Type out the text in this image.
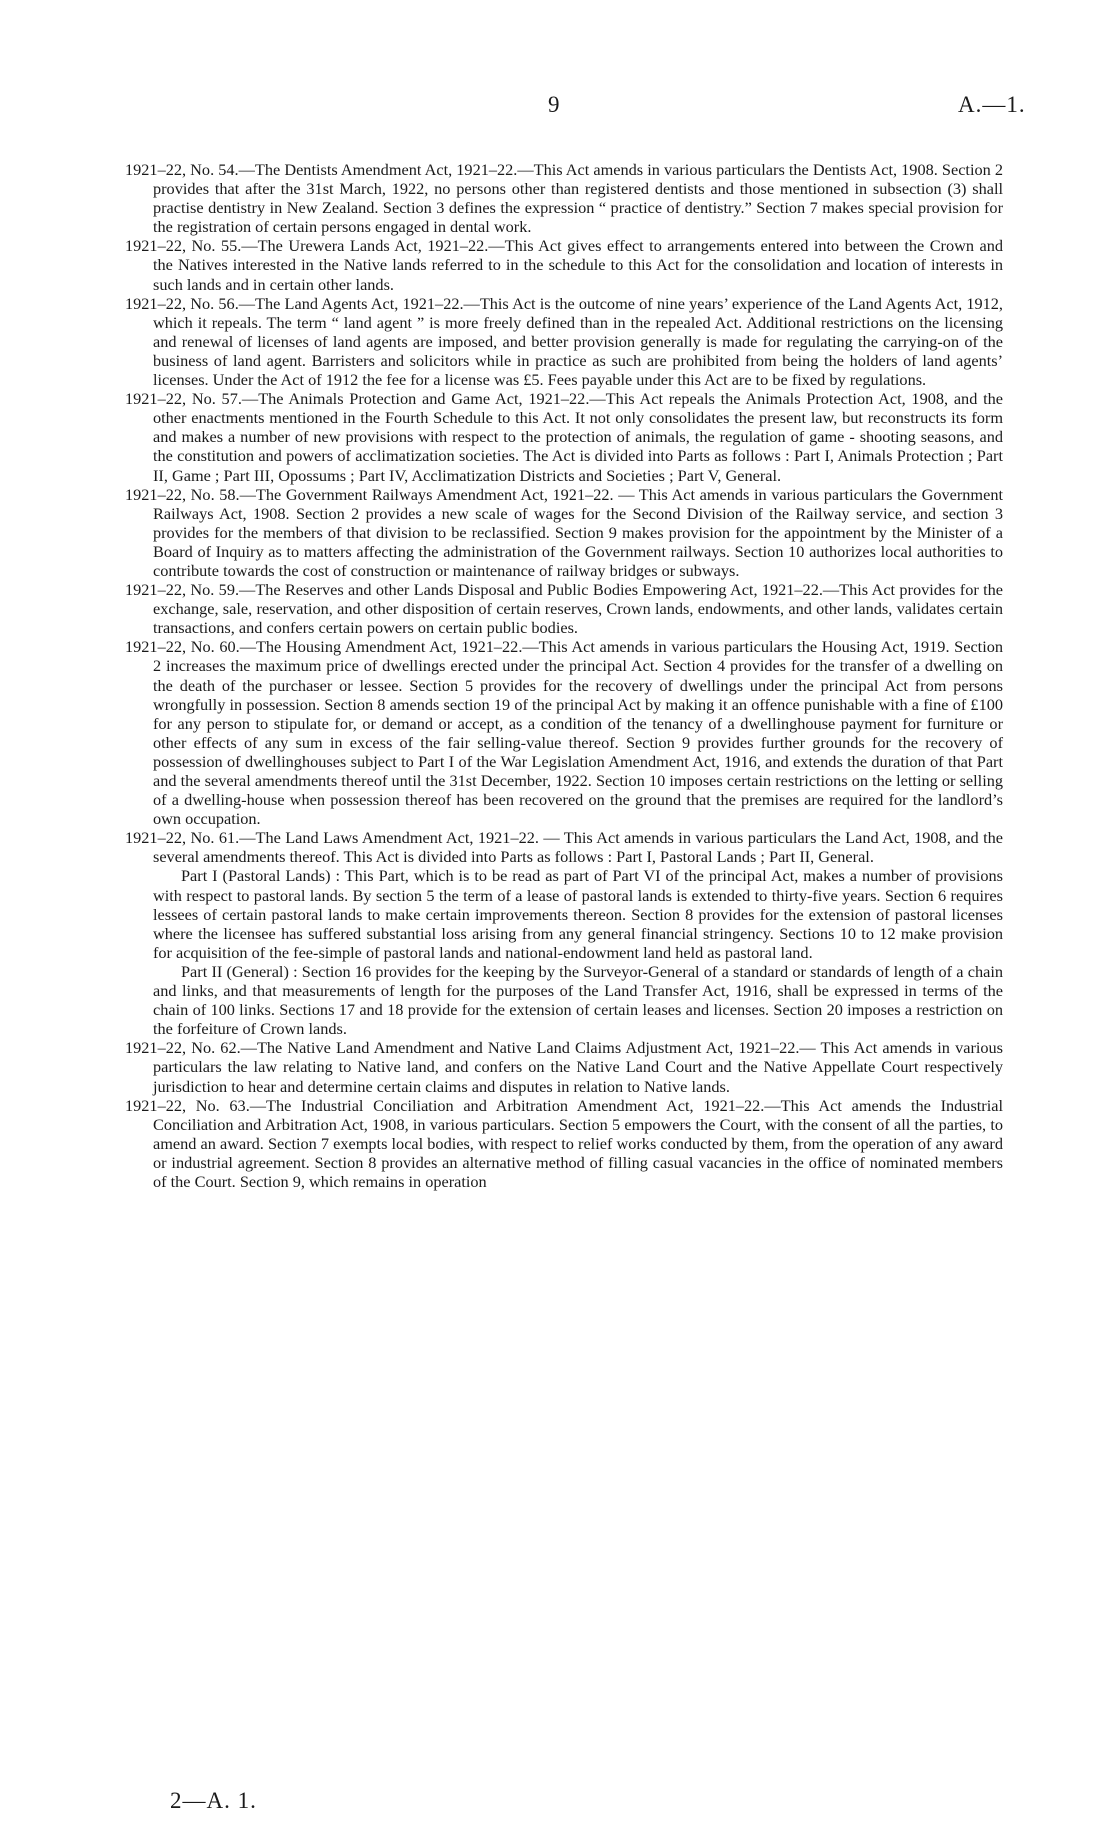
9	A.—1.
1921–22, No. 54.—The Dentists Amendment Act, 1921–22.—This Act amends in various particulars the Dentists Act, 1908. Section 2 provides that after the 31st March, 1922, no persons other than registered dentists and those mentioned in subsection (3) shall practise dentistry in New Zealand. Section 3 defines the expression “ practice of dentistry.” Section 7 makes special provision for the registration of certain persons engaged in dental work.
1921–22, No. 55.—The Urewera Lands Act, 1921–22.—This Act gives effect to arrangements entered into between the Crown and the Natives interested in the Native lands referred to in the schedule to this Act for the consolidation and location of interests in such lands and in certain other lands.
1921–22, No. 56.—The Land Agents Act, 1921–22.—This Act is the outcome of nine years’ experience of the Land Agents Act, 1912, which it repeals. The term “ land agent ” is more freely defined than in the repealed Act. Additional restrictions on the licensing and renewal of licenses of land agents are imposed, and better provision generally is made for regulating the carrying-on of the business of land agent. Barristers and solicitors while in practice as such are prohibited from being the holders of land agents’ licenses. Under the Act of 1912 the fee for a license was £5. Fees payable under this Act are to be fixed by regulations.
1921–22, No. 57.—The Animals Protection and Game Act, 1921–22.—This Act repeals the Animals Protection Act, 1908, and the other enactments mentioned in the Fourth Schedule to this Act. It not only consolidates the present law, but reconstructs its form and makes a number of new provisions with respect to the protection of animals, the regulation of game - shooting seasons, and the constitution and powers of acclimatization societies. The Act is divided into Parts as follows : Part I, Animals Protection ; Part II, Game ; Part III, Opossums ; Part IV, Acclimatization Districts and Societies ; Part V, General.
1921–22, No. 58.—The Government Railways Amendment Act, 1921–22. — This Act amends in various particulars the Government Railways Act, 1908. Section 2 provides a new scale of wages for the Second Division of the Railway service, and section 3 provides for the members of that division to be reclassified. Section 9 makes provision for the appointment by the Minister of a Board of Inquiry as to matters affecting the administration of the Government railways. Section 10 authorizes local authorities to contribute towards the cost of construction or maintenance of railway bridges or subways.
1921–22, No. 59.—The Reserves and other Lands Disposal and Public Bodies Empowering Act, 1921–22.—This Act provides for the exchange, sale, reservation, and other disposition of certain reserves, Crown lands, endowments, and other lands, validates certain transactions, and confers certain powers on certain public bodies.
1921–22, No. 60.—The Housing Amendment Act, 1921–22.—This Act amends in various particulars the Housing Act, 1919. Section 2 increases the maximum price of dwellings erected under the principal Act. Section 4 provides for the transfer of a dwelling on the death of the purchaser or lessee. Section 5 provides for the recovery of dwellings under the principal Act from persons wrongfully in possession. Section 8 amends section 19 of the principal Act by making it an offence punishable with a fine of £100 for any person to stipulate for, or demand or accept, as a condition of the tenancy of a dwellinghouse payment for furniture or other effects of any sum in excess of the fair selling-value thereof. Section 9 provides further grounds for the recovery of possession of dwellinghouses subject to Part I of the War Legislation Amendment Act, 1916, and extends the duration of that Part and the several amendments thereof until the 31st December, 1922. Section 10 imposes certain restrictions on the letting or selling of a dwelling-house when possession thereof has been recovered on the ground that the premises are required for the landlord’s own occupation.
1921–22, No. 61.—The Land Laws Amendment Act, 1921–22. — This Act amends in various particulars the Land Act, 1908, and the several amendments thereof. This Act is divided into Parts as follows : Part I, Pastoral Lands ; Part II, General.
Part I (Pastoral Lands) : This Part, which is to be read as part of Part VI of the principal Act, makes a number of provisions with respect to pastoral lands. By section 5 the term of a lease of pastoral lands is extended to thirty-five years. Section 6 requires lessees of certain pastoral lands to make certain improvements thereon. Section 8 provides for the extension of pastoral licenses where the licensee has suffered substantial loss arising from any general financial stringency. Sections 10 to 12 make provision for acquisition of the fee-simple of pastoral lands and national-endowment land held as pastoral land.
Part II (General) : Section 16 provides for the keeping by the Surveyor-General of a standard or standards of length of a chain and links, and that measurements of length for the purposes of the Land Transfer Act, 1916, shall be expressed in terms of the chain of 100 links. Sections 17 and 18 provide for the extension of certain leases and licenses. Section 20 imposes a restriction on the forfeiture of Crown lands.
1921–22, No. 62.—The Native Land Amendment and Native Land Claims Adjustment Act, 1921–22.— This Act amends in various particulars the law relating to Native land, and confers on the Native Land Court and the Native Appellate Court respectively jurisdiction to hear and determine certain claims and disputes in relation to Native lands.
1921–22, No. 63.—The Industrial Conciliation and Arbitration Amendment Act, 1921–22.—This Act amends the Industrial Conciliation and Arbitration Act, 1908, in various particulars. Section 5 empowers the Court, with the consent of all the parties, to amend an award. Section 7 exempts local bodies, with respect to relief works conducted by them, from the operation of any award or industrial agreement. Section 8 provides an alternative method of filling casual vacancies in the office of nominated members of the Court. Section 9, which remains in operation
2—A. 1.
